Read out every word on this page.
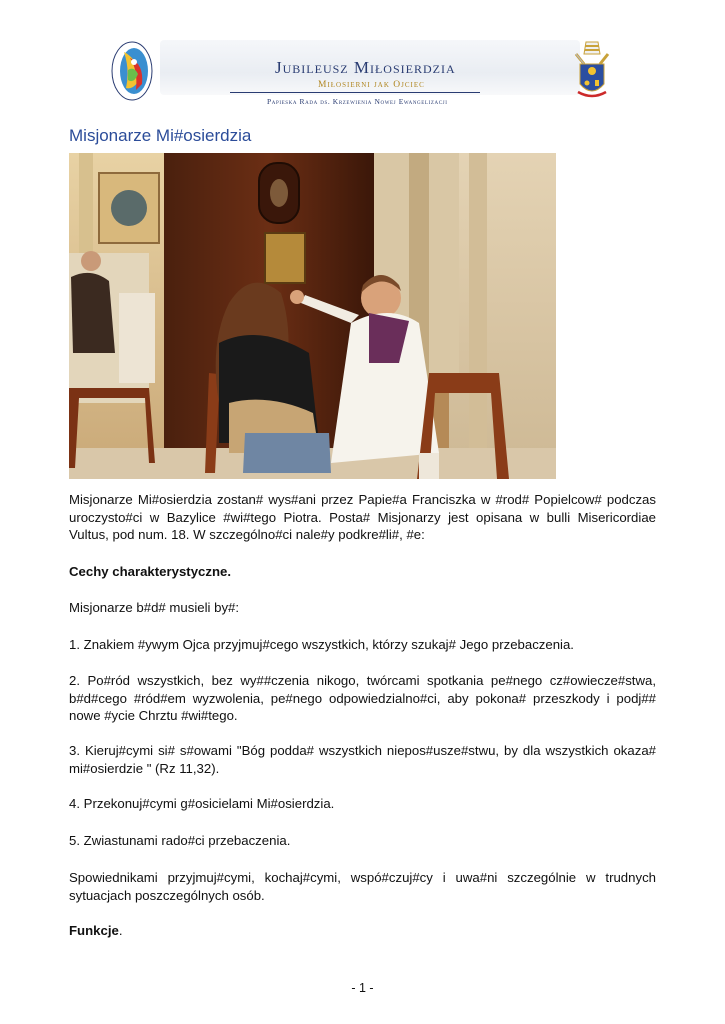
Jubileusz Miłosierdzia
Miłosierni jak Ojciec
Papieska Rada ds. Krzewienia Nowej Ewangelizacji
Misjonarze Mi#osierdzia

Misjonarze Mi#osierdzia zostan# wys#ani przez Papie#a Franciszka w #rod# Popielcow# podczas uroczysto#ci w Bazylice #wi#tego Piotra. Posta# Misjonarzy jest opisana w bulli Misericordiae Vultus, pod num. 18. W szczególno#ci nale#y podkre#li#, #e:

Cechy charakterystyczne.

Misjonarze b#d# musieli by#:

1. Znakiem #ywym Ojca przyjmuj#cego wszystkich, którzy szukaj# Jego przebaczenia.

2. Po#ród wszystkich, bez wy##czenia nikogo, twórcami spotkania pe#nego cz#owiecze#stwa, b#d#cego #ród#em wyzwolenia, pe#nego odpowiedzialno#ci, aby pokona# przeszkody i podj## nowe #ycie Chrztu #wi#tego.

3. Kieruj#cymi si# s#owami "Bóg podda# wszystkich niepos#usze#stwu, by dla wszystkich okaza# mi#osierdzie " (Rz 11,32).

4. Przekonuj#cymi g#osicielami Mi#osierdzia.

5. Zwiastunami rado#ci przebaczenia.

Spowiednikami przyjmuj#cymi, kochaj#cymi, wspó#czuj#cy i uwa#ni szczególnie w trudnych sytuacjach poszczególnych osób.

Funkcje.

- 1 -
